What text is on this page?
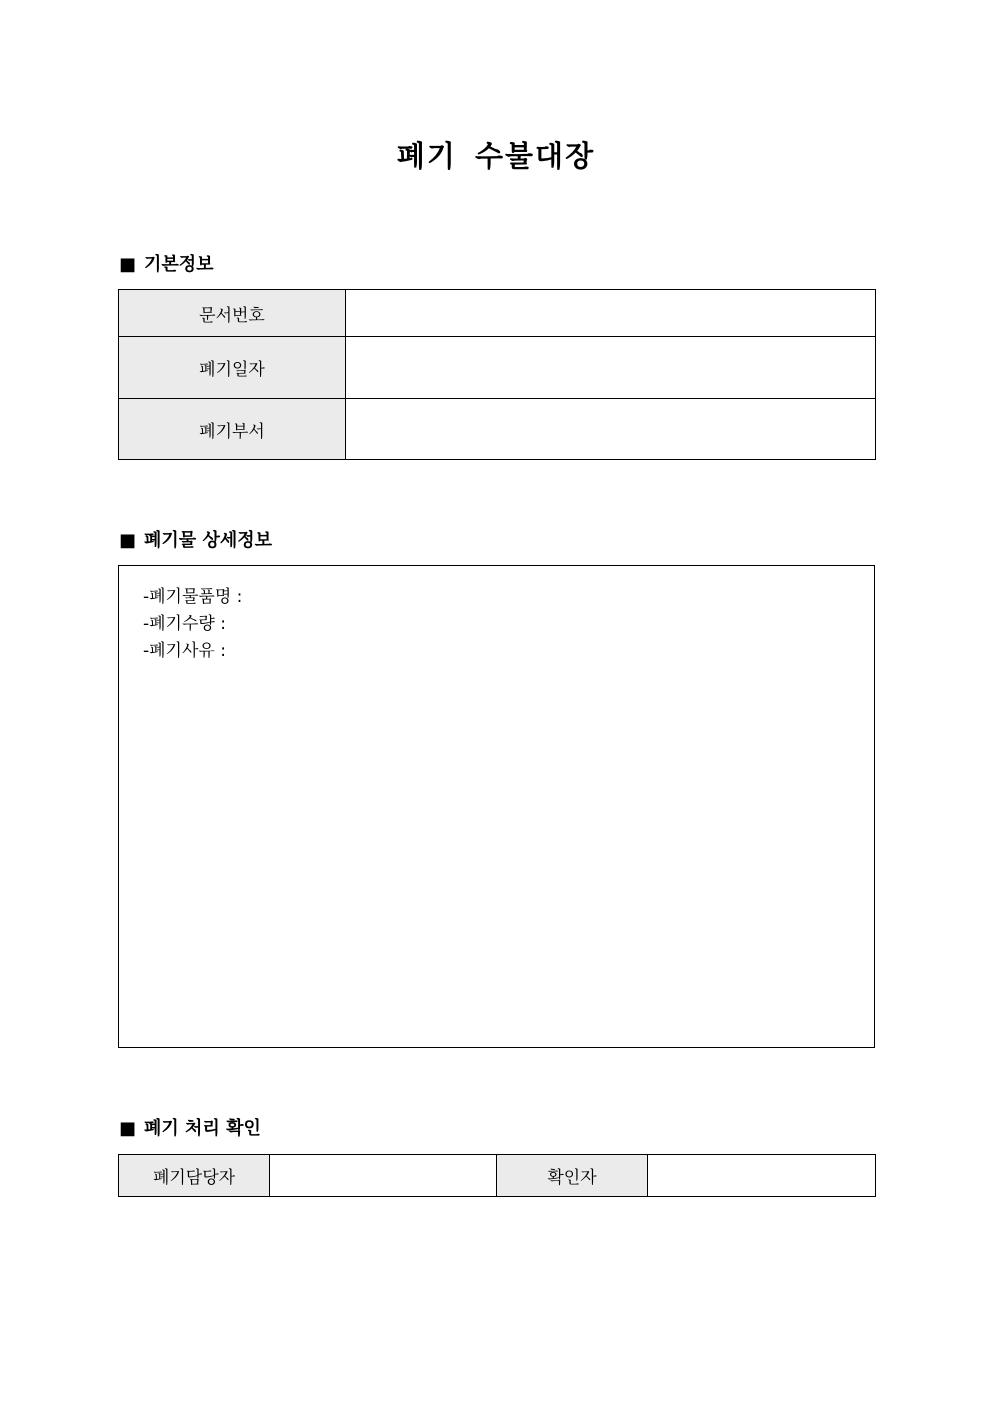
폐기 수불대장
■ 기본정보
문서번호	
폐기일자	
폐기부서	
■ 폐기물 상세정보
-폐기물품명 :
-폐기수량 :
-폐기사유 :
■ 폐기 처리 확인
폐기담당자		확인자	
